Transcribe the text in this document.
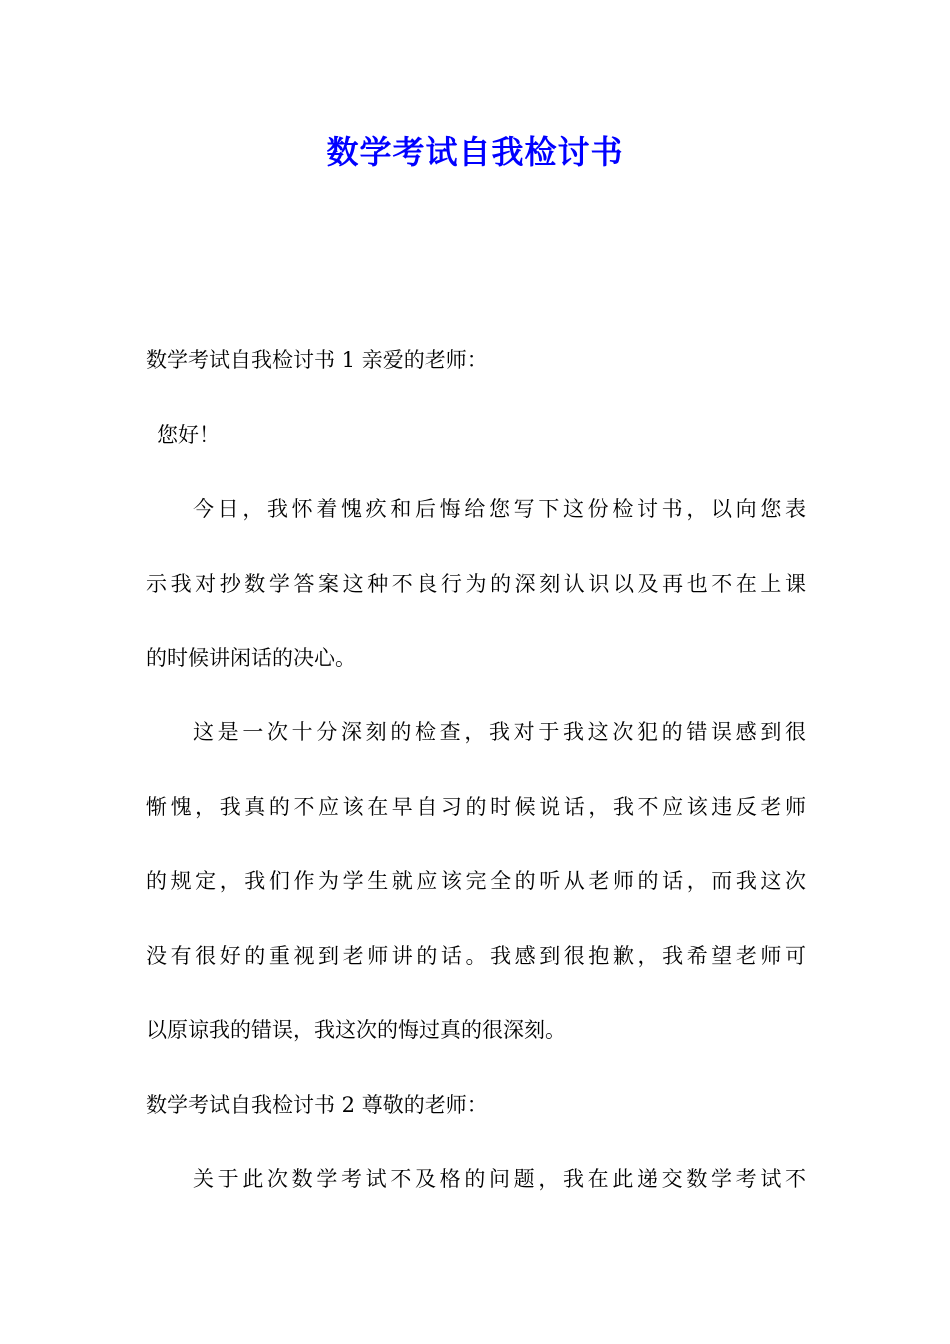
数学考试自我检讨书
数学考试自我检讨书 1 亲爱的老师：
您好！
今日，我怀着愧疚和后悔给您写下这份检讨书，以向您表
示我对抄数学答案这种不良行为的深刻认识以及再也不在上课
的时候讲闲话的决心。
这是一次十分深刻的检查，我对于我这次犯的错误感到很
惭愧，我真的不应该在早自习的时候说话，我不应该违反老师
的规定，我们作为学生就应该完全的听从老师的话，而我这次
没有很好的重视到老师讲的话。我感到很抱歉，我希望老师可
以原谅我的错误，我这次的悔过真的很深刻。
数学考试自我检讨书 2 尊敬的老师：
关于此次数学考试不及格的问题，我在此递交数学考试不
